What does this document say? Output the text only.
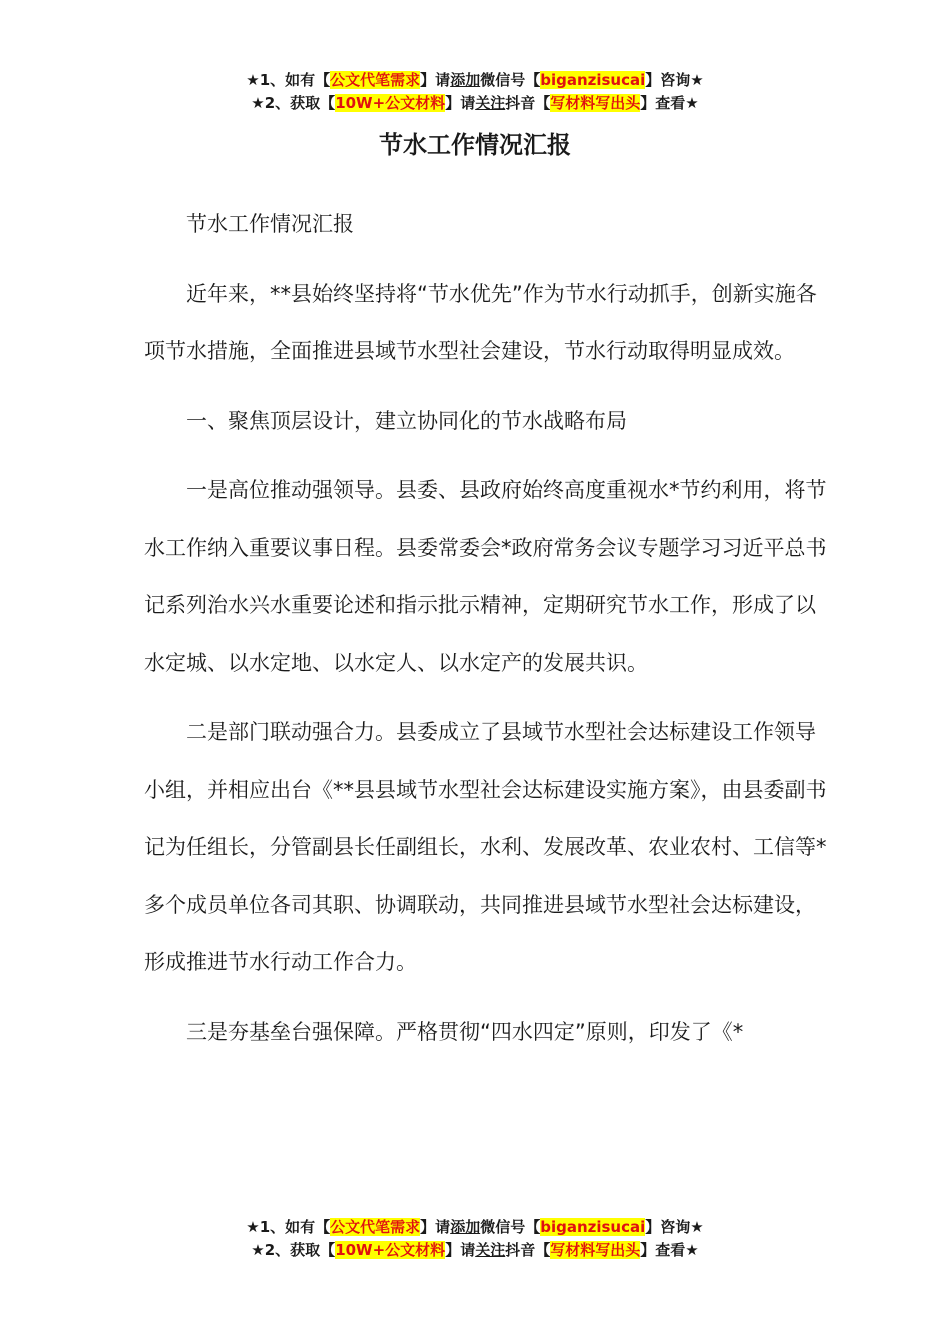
★1、如有【公文代笔需求】请添加微信号【biganzisucai】咨询★
★2、获取【10W+公文材料】请关注抖音【写材料写出头】查看★
节水工作情况汇报

节水工作情况汇报

近年来，**县始终坚持将“节水优先”作为节水行动抓手，创新实施各项节水措施，全面推进县域节水型社会建设，节水行动取得明显成效。

一、聚焦顶层设计，建立协同化的节水战略布局

一是高位推动强领导。县委、县政府始终高度重视水*节约利用，将节水工作纳入重要议事日程。县委常委会*政府常务会议专题学习习近平总书记系列治水兴水重要论述和指示批示精神，定期研究节水工作，形成了以水定城、以水定地、以水定人、以水定产的发展共识。

二是部门联动强合力。县委成立了县域节水型社会达标建设工作领导小组，并相应出台《**县县域节水型社会达标建设实施方案》，由县委副书记为任组长，分管副县长任副组长，水利、发展改革、农业农村、工信等*多个成员单位各司其职、协调联动，共同推进县域节水型社会达标建设，形成推进节水行动工作合力。

三是夯基垒台强保障。严格贯彻“四水四定”原则，印发了《*

★1、如有【公文代笔需求】请添加微信号【biganzisucai】咨询★
★2、获取【10W+公文材料】请关注抖音【写材料写出头】查看★
